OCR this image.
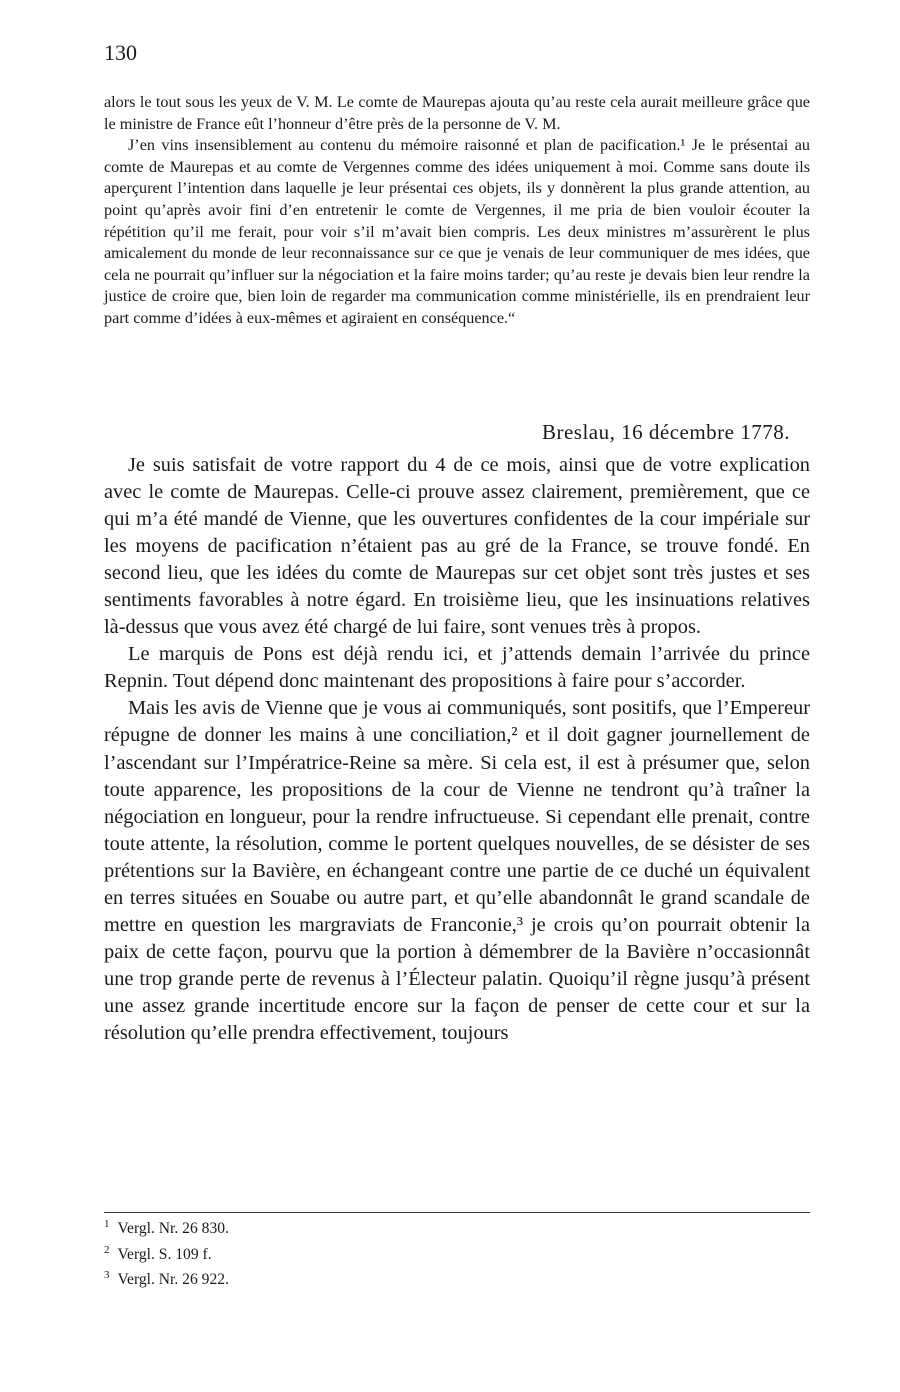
130

alors le tout sous les yeux de V. M. Le comte de Maurepas ajouta qu’au reste cela aurait meilleure grâce que le ministre de France eût l’honneur d’être près de la personne de V. M.

J’en vins insensiblement au contenu du mémoire raisonné et plan de pacification.¹ Je le présentai au comte de Maurepas et au comte de Vergennes comme des idées uniquement à moi. Comme sans doute ils aperçurent l’intention dans laquelle je leur présentai ces objets, ils y donnèrent la plus grande attention, au point qu’après avoir fini d’en entretenir le comte de Vergennes, il me pria de bien vouloir écouter la répétition qu’il me ferait, pour voir s’il m’avait bien compris. Les deux ministres m’assurèrent le plus amicalement du monde de leur reconnaissance sur ce que je venais de leur communiquer de mes idées, que cela ne pourrait qu’influer sur la négociation et la faire moins tarder; qu’au reste je devais bien leur rendre la justice de croire que, bien loin de regarder ma communication comme ministérielle, ils en prendraient leur part comme d’idées à eux-mêmes et agiraient en conséquence.“

Breslau, 16 décembre 1778.

Je suis satisfait de votre rapport du 4 de ce mois, ainsi que de votre explication avec le comte de Maurepas. Celle-ci prouve assez clairement, premièrement, que ce qui m’a été mandé de Vienne, que les ouvertures confidentes de la cour impériale sur les moyens de pacification n’étaient pas au gré de la France, se trouve fondé. En second lieu, que les idées du comte de Maurepas sur cet objet sont très justes et ses sentiments favorables à notre égard. En troisième lieu, que les insinuations relatives là-dessus que vous avez été chargé de lui faire, sont venues très à propos.

Le marquis de Pons est déjà rendu ici, et j’attends demain l’arrivée du prince Repnin. Tout dépend donc maintenant des propositions à faire pour s’accorder.

Mais les avis de Vienne que je vous ai communiqués, sont positifs, que l’Empereur répugne de donner les mains à une conciliation,² et il doit gagner journellement de l’ascendant sur l’Impératrice-Reine sa mère. Si cela est, il est à présumer que, selon toute apparence, les propositions de la cour de Vienne ne tendront qu’à traîner la négociation en longueur, pour la rendre infructueuse. Si cependant elle prenait, contre toute attente, la résolution, comme le portent quelques nouvelles, de se désister de ses prétentions sur la Bavière, en échangeant contre une partie de ce duché un équivalent en terres situées en Souabe ou autre part, et qu’elle abandonnât le grand scandale de mettre en question les margraviats de Franconie,³ je crois qu’on pourrait obtenir la paix de cette façon, pourvu que la portion à démembrer de la Bavière n’occasionnât une trop grande perte de revenus à l’Électeur palatin. Quoiqu’il règne jusqu’à présent une assez grande incertitude encore sur la façon de penser de cette cour et sur la résolution qu’elle prendra effectivement, toujours

$^1$ Vergl. Nr. 26 830.
$^2$ Vergl. S. 109 f.
$^3$ Vergl. Nr. 26 922.
